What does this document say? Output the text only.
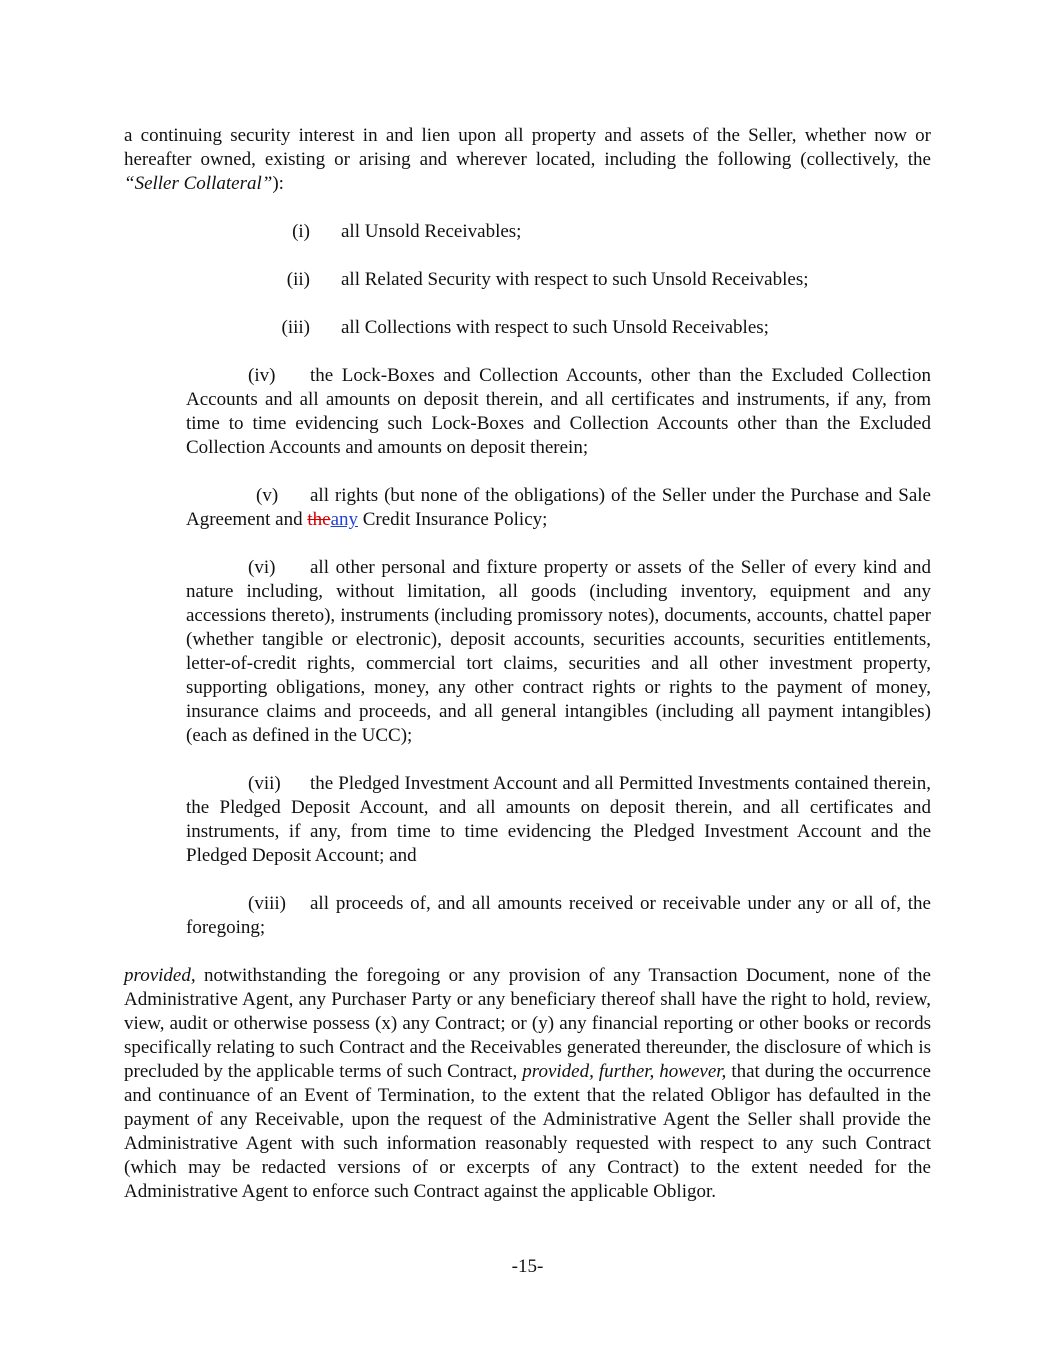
a continuing security interest in and lien upon all property and assets of the Seller, whether now or hereafter owned, existing or arising and wherever located, including the following (collectively, the “Seller Collateral”):

(i) all Unsold Receivables;

(ii) all Related Security with respect to such Unsold Receivables;

(iii) all Collections with respect to such Unsold Receivables;

(iv) the Lock-Boxes and Collection Accounts, other than the Excluded Collection Accounts and all amounts on deposit therein, and all certificates and instruments, if any, from time to time evidencing such Lock-Boxes and Collection Accounts other than the Excluded Collection Accounts and amounts on deposit therein;

(v) all rights (but none of the obligations) of the Seller under the Purchase and Sale Agreement and theany Credit Insurance Policy;

(vi) all other personal and fixture property or assets of the Seller of every kind and nature including, without limitation, all goods (including inventory, equipment and any accessions thereto), instruments (including promissory notes), documents, accounts, chattel paper (whether tangible or electronic), deposit accounts, securities accounts, securities entitlements, letter-of-credit rights, commercial tort claims, securities and all other investment property, supporting obligations, money, any other contract rights or rights to the payment of money, insurance claims and proceeds, and all general intangibles (including all payment intangibles) (each as defined in the UCC);

(vii) the Pledged Investment Account and all Permitted Investments contained therein, the Pledged Deposit Account, and all amounts on deposit therein, and all certificates and instruments, if any, from time to time evidencing the Pledged Investment Account and the Pledged Deposit Account; and

(viii) all proceeds of, and all amounts received or receivable under any or all of, the foregoing;

provided, notwithstanding the foregoing or any provision of any Transaction Document, none of the Administrative Agent, any Purchaser Party or any beneficiary thereof shall have the right to hold, review, view, audit or otherwise possess (x) any Contract; or (y) any financial reporting or other books or records specifically relating to such Contract and the Receivables generated thereunder, the disclosure of which is precluded by the applicable terms of such Contract, provided, further, however, that during the occurrence and continuance of an Event of Termination, to the extent that the related Obligor has defaulted in the payment of any Receivable, upon the request of the Administrative Agent the Seller shall provide the Administrative Agent with such information reasonably requested with respect to any such Contract (which may be redacted versions of or excerpts of any Contract) to the extent needed for the Administrative Agent to enforce such Contract against the applicable Obligor.

-15-
